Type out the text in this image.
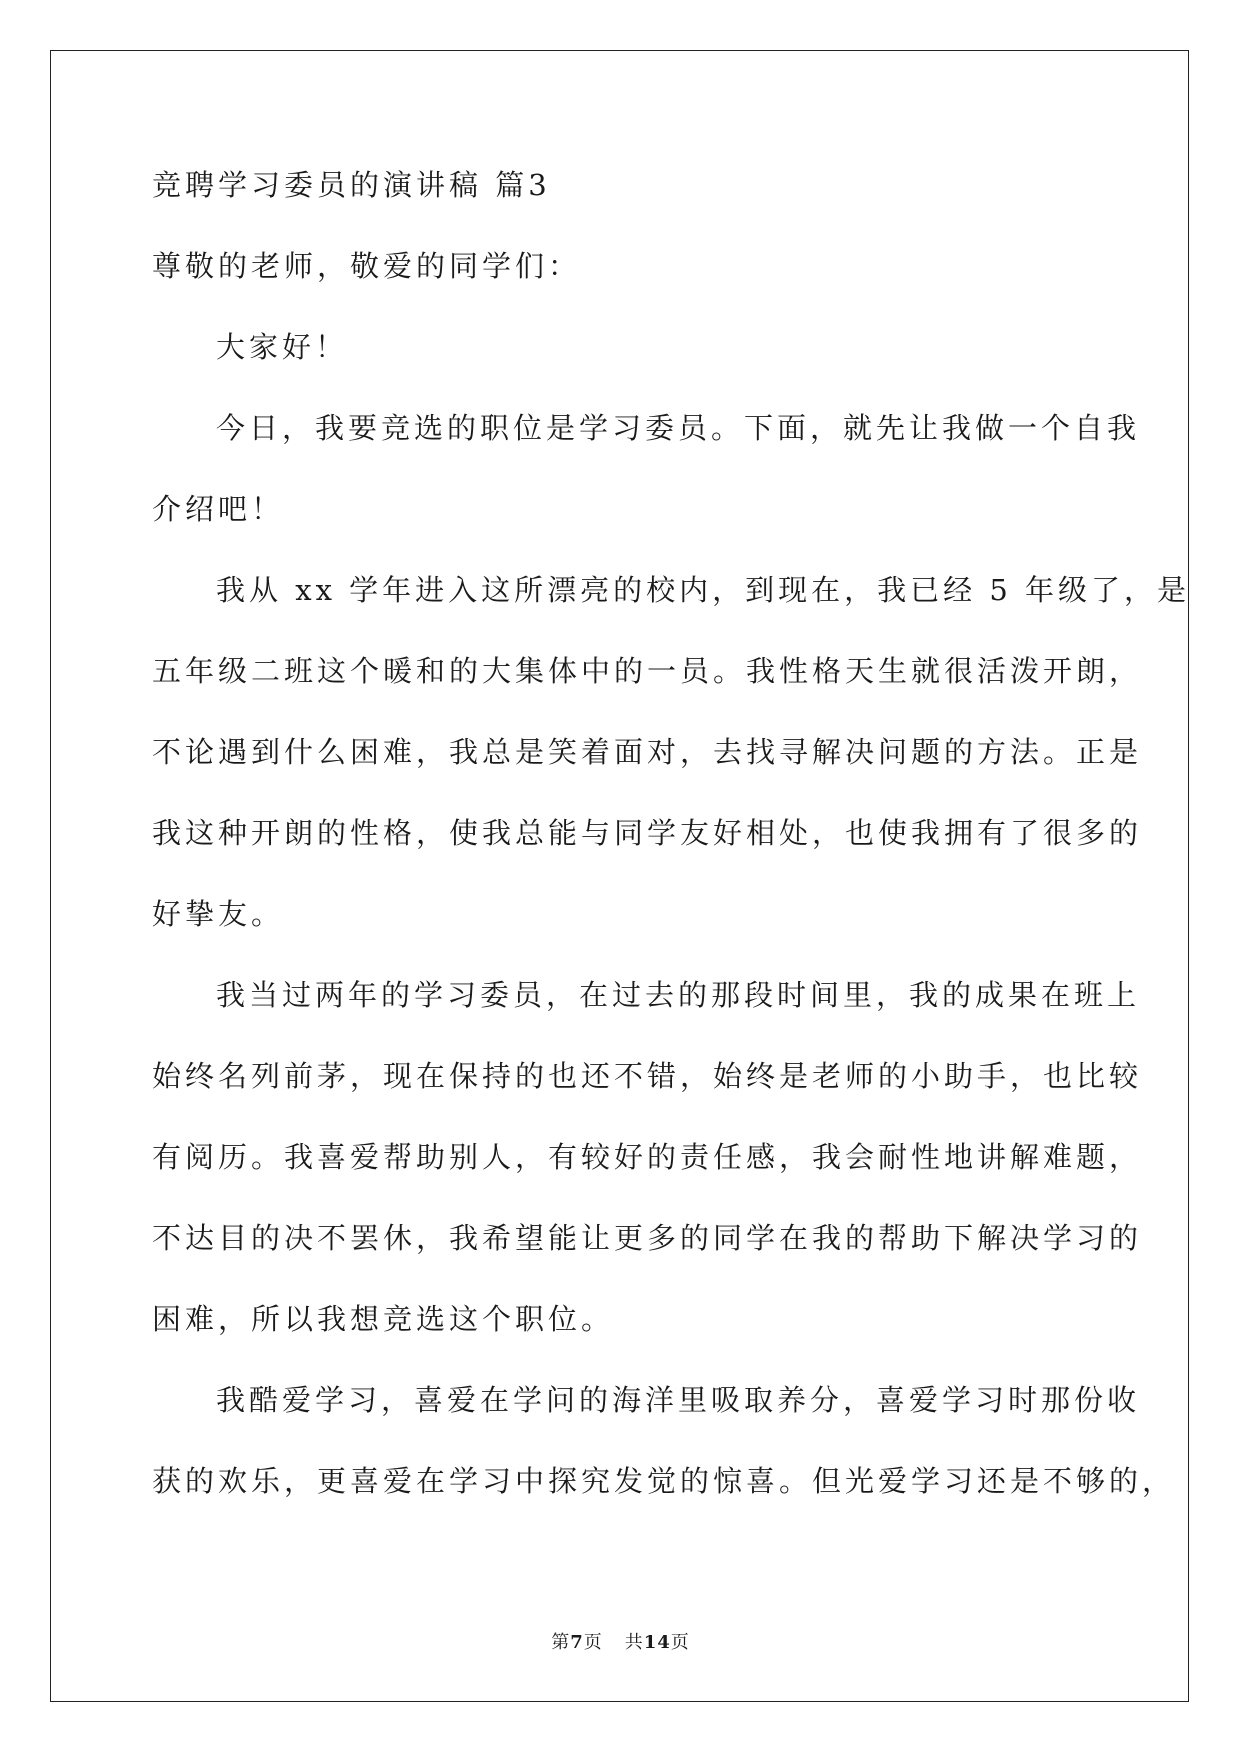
竞聘学习委员的演讲稿 篇3

尊敬的老师，敬爱的同学们：

大家好！

今日，我要竞选的职位是学习委员。下面，就先让我做一个自我

介绍吧！

我从 xx 学年进入这所漂亮的校内，到现在，我已经 5 年级了，是

五年级二班这个暖和的大集体中的一员。我性格天生就很活泼开朗，

不论遇到什么困难，我总是笑着面对，去找寻解决问题的方法。正是

我这种开朗的性格，使我总能与同学友好相处，也使我拥有了很多的

好挚友。

我当过两年的学习委员，在过去的那段时间里，我的成果在班上

始终名列前茅，现在保持的也还不错，始终是老师的小助手，也比较

有阅历。我喜爱帮助别人，有较好的责任感，我会耐性地讲解难题，

不达目的决不罢休，我希望能让更多的同学在我的帮助下解决学习的

困难，所以我想竞选这个职位。

我酷爱学习，喜爱在学问的海洋里吸取养分，喜爱学习时那份收

获的欢乐，更喜爱在学习中探究发觉的惊喜。但光爱学习还是不够的，

第7页 共14页
